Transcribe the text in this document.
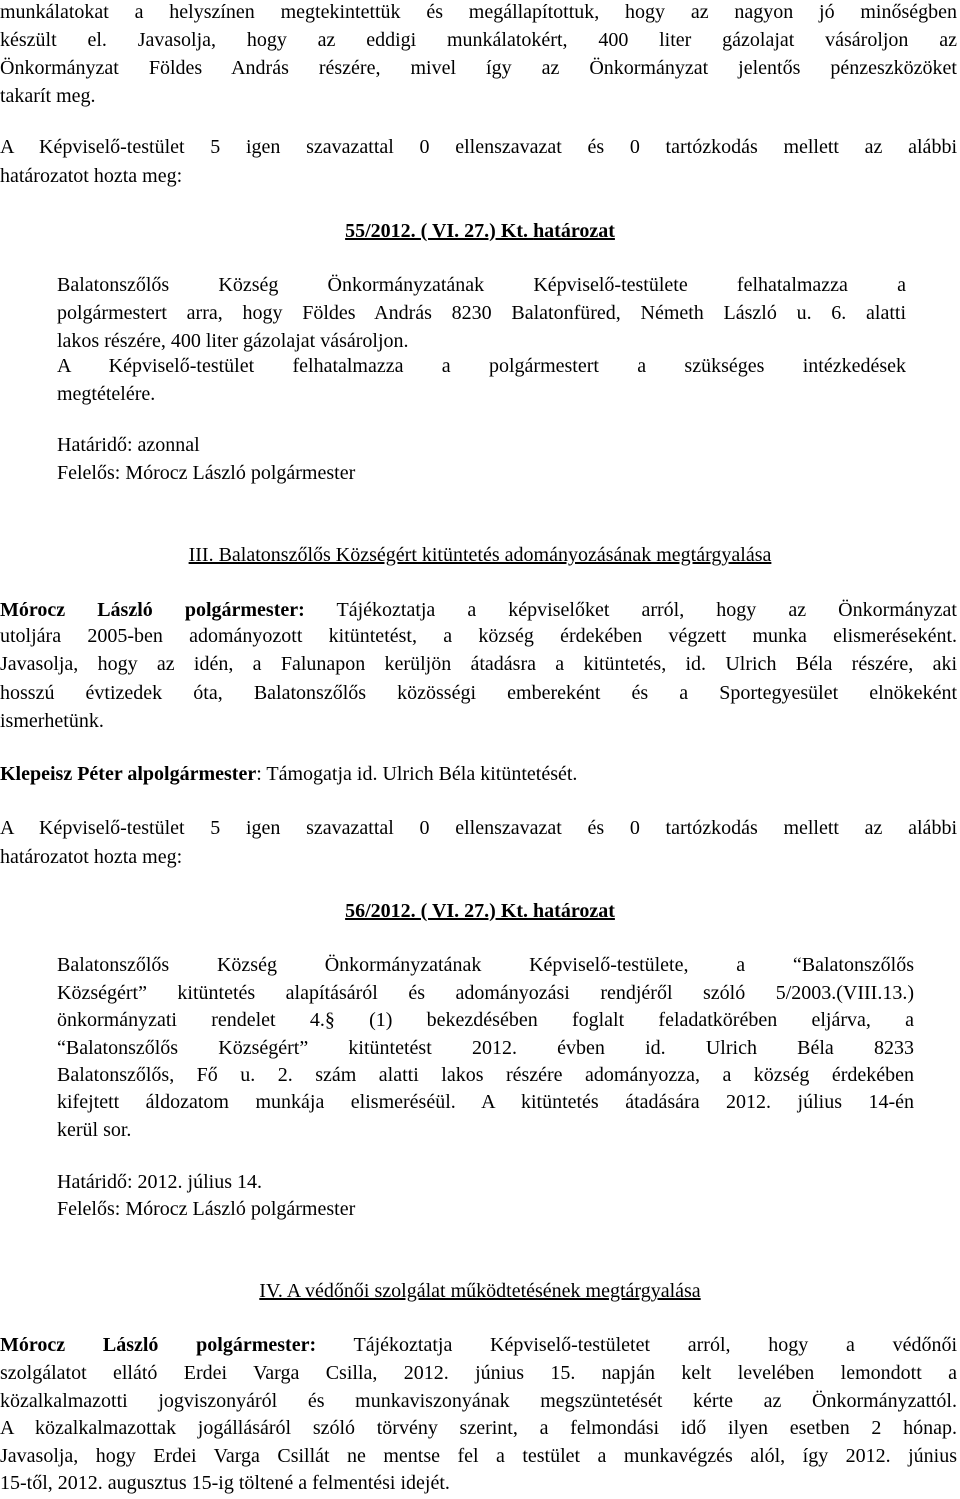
munkálatokat a helyszínen megtekintettük és megállapítottuk, hogy az nagyon jó minőségben
készült el. Javasolja, hogy az eddigi munkálatokért, 400 liter gázolajat vásároljon az
Önkormányzat Földes András részére, mivel így az Önkormányzat jelentős pénzeszközöket
takarít meg.
A Képviselő-testület 5 igen szavazattal 0 ellenszavazat és 0 tartózkodás mellett az alábbi
határozatot hozta meg:
55/2012. ( VI. 27.) Kt. határozat
Balatonszőlős Község Önkormányzatának Képviselő-testülete felhatalmazza a
polgármestert arra, hogy Földes András 8230 Balatonfüred, Németh László u. 6. alatti
lakos részére, 400 liter gázolajat vásároljon.
A Képviselő-testület felhatalmazza a polgármestert a szükséges intézkedések
megtételére.
Határidő: azonnal
Felelős: Mórocz László polgármester
III. Balatonszőlős Községért kitüntetés adományozásának megtárgyalása
Mórocz László polgármester: Tájékoztatja a képviselőket arról, hogy az Önkormányzat
utoljára 2005-ben adományozott kitüntetést, a község érdekében végzett munka elismeréseként.
Javasolja, hogy az idén, a Falunapon kerüljön átadásra a kitüntetés, id. Ulrich Béla részére, aki
hosszú évtizedek óta, Balatonszőlős közösségi embereként és a Sportegyesület elnökeként
ismerhetünk.
Klepeisz Péter alpolgármester: Támogatja id. Ulrich Béla kitüntetését.
A Képviselő-testület 5 igen szavazattal 0 ellenszavazat és 0 tartózkodás mellett az alábbi
határozatot hozta meg:
56/2012. ( VI. 27.) Kt. határozat
Balatonszőlős Község Önkormányzatának Képviselő-testülete, a “Balatonszőlős
Községért” kitüntetés alapításáról és adományozási rendjéről szóló 5/2003.(VIII.13.)
önkormányzati rendelet 4.§ (1) bekezdésében foglalt feladatkörében eljárva, a
“Balatonszőlős Községért” kitüntetést 2012. évben id. Ulrich Béla 8233
Balatonszőlős, Fő u. 2. szám alatti lakos részére adományozza, a község érdekében
kifejtett áldozatom munkája elismeréséül. A kitüntetés átadására 2012. július 14-én
kerül sor.
Határidő: 2012. július 14.
Felelős: Mórocz László polgármester
IV. A védőnői szolgálat működtetésének megtárgyalása
Mórocz László polgármester: Tájékoztatja Képviselő-testületet arról, hogy a védőnői
szolgálatot ellátó Erdei Varga Csilla, 2012. június 15. napján kelt levelében lemondott a
közalkalmazotti jogviszonyáról és munkaviszonyának megszüntetését kérte az Önkormányzattól.
A közalkalmazottak jogállásáról szóló törvény szerint, a felmondási idő ilyen esetben 2 hónap.
Javasolja, hogy Erdei Varga Csillát ne mentse fel a testület a munkavégzés alól, így 2012. június
15-től, 2012. augusztus 15-ig töltené a felmentési idejét.
